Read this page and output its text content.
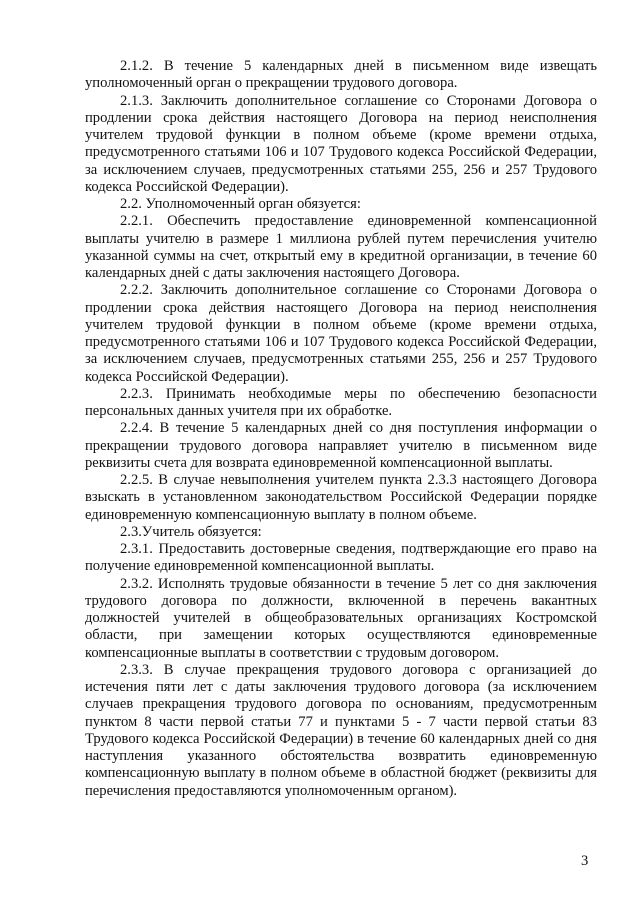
2.1.2. В течение 5 календарных дней в письменном виде извещать уполномоченный орган о прекращении трудового договора.

2.1.3. Заключить дополнительное соглашение со Сторонами Договора о продлении срока действия настоящего Договора на период неисполнения учителем трудовой функции в полном объеме (кроме времени отдыха, предусмотренного статьями 106 и 107 Трудового кодекса Российской Федерации, за исключением случаев, предусмотренных статьями 255, 256 и 257 Трудового кодекса Российской Федерации).

2.2. Уполномоченный орган обязуется:

2.2.1. Обеспечить предоставление единовременной компенсационной выплаты учителю в размере 1 миллиона рублей путем перечисления учителю указанной суммы на счет, открытый ему в кредитной организации, в течение 60 календарных дней с даты заключения настоящего Договора.

2.2.2. Заключить дополнительное соглашение со Сторонами Договора о продлении срока действия настоящего Договора на период неисполнения учителем трудовой функции в полном объеме (кроме времени отдыха, предусмотренного статьями 106 и 107 Трудового кодекса Российской Федерации, за исключением случаев, предусмотренных статьями 255, 256 и 257 Трудового кодекса Российской Федерации).

2.2.3. Принимать необходимые меры по обеспечению безопасности персональных данных учителя при их обработке.

2.2.4. В течение 5 календарных дней со дня поступления информации о прекращении трудового договора направляет учителю в письменном виде реквизиты счета для возврата единовременной компенсационной выплаты.

2.2.5. В случае невыполнения учителем пункта 2.3.3 настоящего Договора взыскать в установленном законодательством Российской Федерации порядке единовременную компенсационную выплату в полном объеме.

2.3.Учитель обязуется:

2.3.1. Предоставить достоверные сведения, подтверждающие его право на получение единовременной компенсационной выплаты.

2.3.2. Исполнять трудовые обязанности в течение 5 лет со дня заключения трудового договора по должности, включенной в перечень вакантных должностей учителей в общеобразовательных организациях Костромской области, при замещении которых осуществляются единовременные компенсационные выплаты в соответствии с трудовым договором.

2.3.3. В случае прекращения трудового договора с организацией до истечения пяти лет с даты заключения трудового договора (за исключением случаев прекращения трудового договора по основаниям, предусмотренным пунктом 8 части первой статьи 77 и пунктами 5 - 7 части первой статьи 83 Трудового кодекса Российской Федерации) в течение 60 календарных дней со дня наступления указанного обстоятельства возвратить единовременную компенсационную выплату в полном объеме в областной бюджет (реквизиты для перечисления предоставляются уполномоченным органом).

3
